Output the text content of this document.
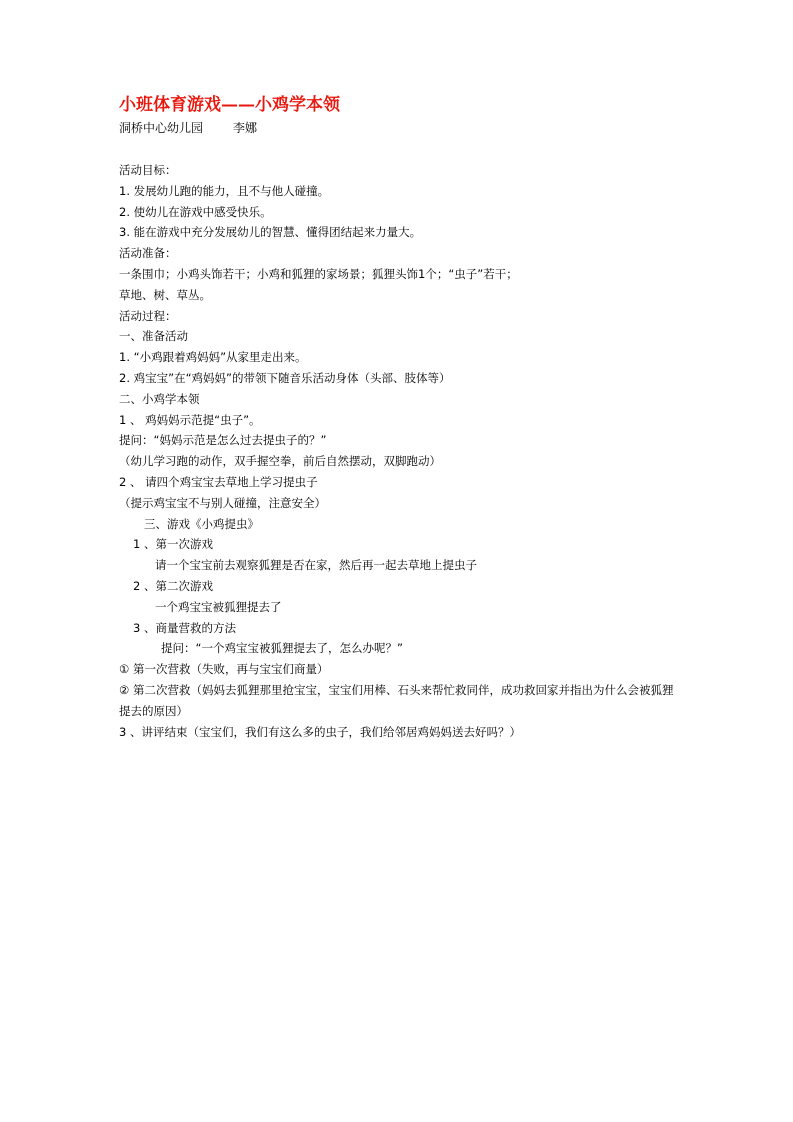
小班体育游戏——小鸡学本领
洞桥中心幼儿园	李娜
活动目标：
1. 发展幼儿跑的能力，且不与他人碰撞。
2. 使幼儿在游戏中感受快乐。
3. 能在游戏中充分发展幼儿的智慧、懂得团结起来力量大。
活动准备：
一条围巾；小鸡头饰若干；小鸡和狐狸的家场景；狐狸头饰1个；“虫子”若干；
草地、树、草丛。
活动过程：
一、准备活动
1. “小鸡跟着鸡妈妈”从家里走出来。
2. 鸡宝宝”在“鸡妈妈”的带领下随音乐活动身体（头部、肢体等）
二、小鸡学本领
1 、 鸡妈妈示范提“虫子”。
提问：“妈妈示范是怎么过去提虫子的？”
（幼儿学习跑的动作，双手握空拳，前后自然摆动，双脚跑动）
2 、 请四个鸡宝宝去草地上学习提虫子
（提示鸡宝宝不与别人碰撞，注意安全）
三、游戏《小鸡提虫》
1 、第一次游戏
请一个宝宝前去观察狐狸是否在家，然后再一起去草地上提虫子
2 、第二次游戏
一个鸡宝宝被狐狸提去了
3 、商量营救的方法
提问：“一个鸡宝宝被狐狸提去了，怎么办呢？”
① 第一次营救（失败，再与宝宝们商量）
② 第二次营救（妈妈去狐狸那里抢宝宝，宝宝们用棒、石头来帮忙救同伴，成功救回家并指出为什么会被狐狸提去的原因）
3 、讲评结束（宝宝们，我们有这么多的虫子，我们给邻居鸡妈妈送去好吗？）
